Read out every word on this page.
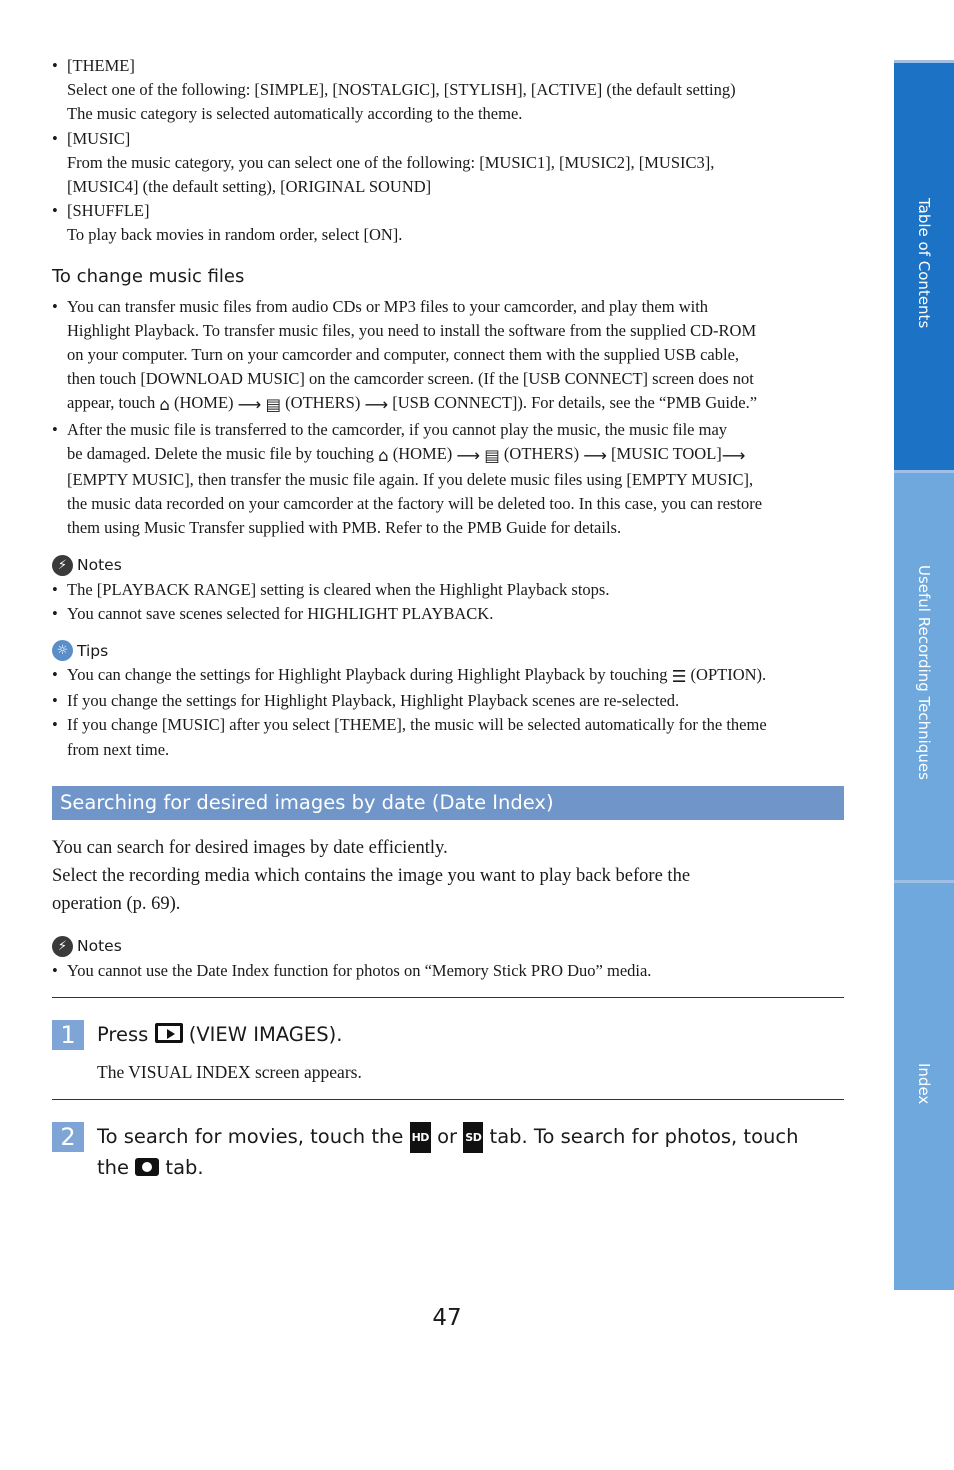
• [THEME]
Select one of the following: [SIMPLE], [NOSTALGIC], [STYLISH], [ACTIVE] (the default setting)
The music category is selected automatically according to the theme.
• [MUSIC]
From the music category, you can select one of the following: [MUSIC1], [MUSIC2], [MUSIC3],
[MUSIC4] (the default setting), [ORIGINAL SOUND]
• [SHUFFLE]
To play back movies in random order, select [ON].
To change music files
• You can transfer music files from audio CDs or MP3 files to your camcorder, and play them with
Highlight Playback. To transfer music files, you need to install the software from the supplied CD-ROM
on your computer. Turn on your camcorder and computer, connect them with the supplied USB cable,
then touch [DOWNLOAD MUSIC] on the camcorder screen. (If the [USB CONNECT] screen does not
appear, touch ⌂ (HOME) ⟶ ▤ (OTHERS) ⟶ [USB CONNECT]). For details, see the “PMB Guide.”
• After the music file is transferred to the camcorder, if you cannot play the music, the music file may
be damaged. Delete the music file by touching ⌂ (HOME) ⟶ ▤ (OTHERS) ⟶ [MUSIC TOOL]⟶
[EMPTY MUSIC], then transfer the music file again. If you delete music files using [EMPTY MUSIC],
the music data recorded on your camcorder at the factory will be deleted too. In this case, you can restore
them using Music Transfer supplied with PMB. Refer to the PMB Guide for details.
⚡ Notes
• The [PLAYBACK RANGE] setting is cleared when the Highlight Playback stops.
• You cannot save scenes selected for HIGHLIGHT PLAYBACK.
☼ Tips
• You can change the settings for Highlight Playback during Highlight Playback by touching ☰ (OPTION).
• If you change the settings for Highlight Playback, Highlight Playback scenes are re-selected.
• If you change [MUSIC] after you select [THEME], the music will be selected automatically for the theme
from next time.
Searching for desired images by date (Date Index)
You can search for desired images by date efficiently.
Select the recording media which contains the image you want to play back before the
operation (p. 69).
⚡ Notes
• You cannot use the Date Index function for photos on “Memory Stick PRO Duo” media.
1	Press (VIEW IMAGES).
The VISUAL INDEX screen appears.
2	To search for movies, touch the HD or SD tab. To search for photos, touch
the tab.
Table of Contents
Useful Recording Techniques
Index
47
